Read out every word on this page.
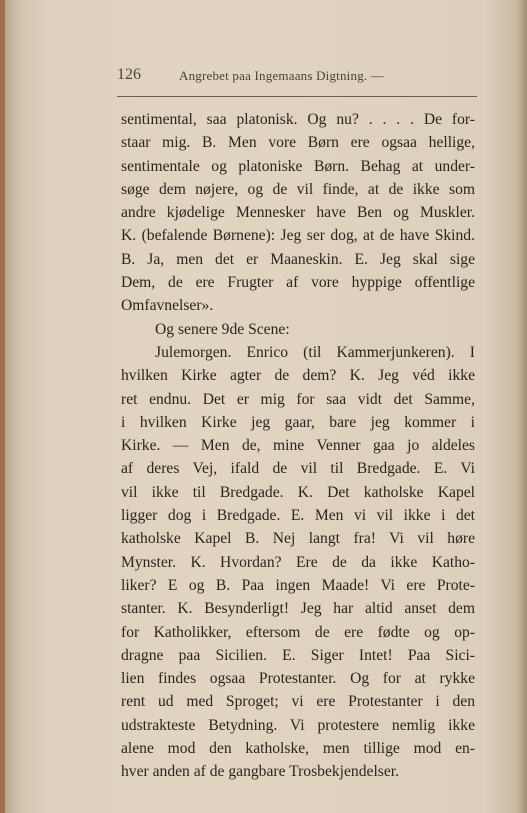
126	Angrebet paa Ingemaans Digtning. —
sentimental, saa platonisk. Og nu? . . . . De for-
staar mig. B. Men vore Børn ere ogsaa hellige,
sentimentale og platoniske Børn. Behag at under-
søge dem nøjere, og de vil finde, at de ikke som
andre kjødelige Mennesker have Ben og Muskler.
K. (befalende Børnene): Jeg ser dog, at de have Skind.
B. Ja, men det er Maaneskin. E. Jeg skal sige
Dem, de ere Frugter af vore hyppige offentlige
Omfavnelser».
Og senere 9de Scene:
Julemorgen. Enrico (til Kammerjunkeren). I
hvilken Kirke agter de dem? K. Jeg véd ikke
ret endnu. Det er mig for saa vidt det Samme,
i hvilken Kirke jeg gaar, bare jeg kommer i
Kirke. — Men de, mine Venner gaa jo aldeles
af deres Vej, ifald de vil til Bredgade. E. Vi
vil ikke til Bredgade. K. Det katholske Kapel
ligger dog i Bredgade. E. Men vi vil ikke i det
katholske Kapel B. Nej langt fra! Vi vil høre
Mynster. K. Hvordan? Ere de da ikke Katho-
liker? E og B. Paa ingen Maade! Vi ere Prote-
stanter. K. Besynderligt! Jeg har altid anset dem
for Katholikker, eftersom de ere fødte og op-
dragne paa Sicilien. E. Siger Intet! Paa Sici-
lien findes ogsaa Protestanter. Og for at rykke
rent ud med Sproget; vi ere Protestanter i den
udstrakteste Betydning. Vi protestere nemlig ikke
alene mod den katholske, men tillige mod en-
hver anden af de gangbare Trosbekjendelser.
